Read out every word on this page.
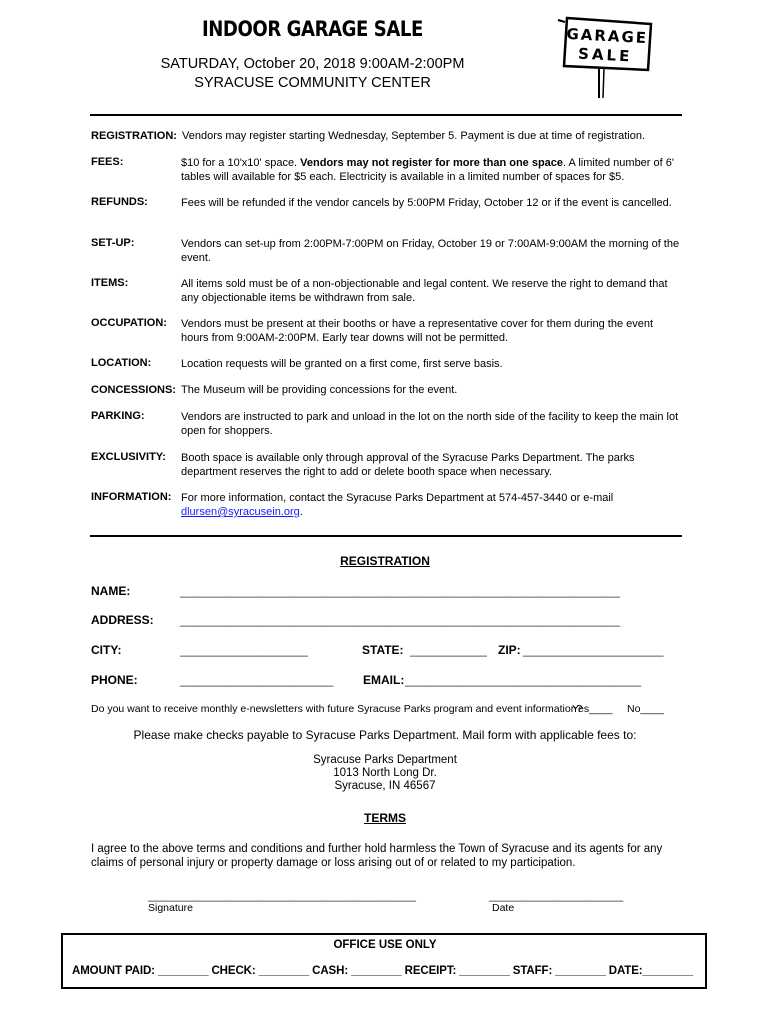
INDOOR GARAGE SALE
SATURDAY, October 20, 2018 9:00AM-2:00PM
SYRACUSE COMMUNITY CENTER
GARAGE
SALE
REGISTRATION: Vendors may register starting Wednesday, September 5. Payment is due at time of registration.
FEES:	$10 for a 10'x10' space. Vendors may not register for more than one space. A limited number of 6' tables will available for $5 each. Electricity is available in a limited number of spaces for $5.
REFUNDS:	Fees will be refunded if the vendor cancels by 5:00PM Friday, October 12 or if the event is cancelled.
SET-UP:	Vendors can set-up from 2:00PM-7:00PM on Friday, October 19 or 7:00AM-9:00AM the morning of the event.
ITEMS:	All items sold must be of a non-objectionable and legal content. We reserve the right to demand that any objectionable items be withdrawn from sale.
OCCUPATION: Vendors must be present at their booths or have a representative cover for them during the event hours from 9:00AM-2:00PM. Early tear downs will not be permitted.
LOCATION:	Location requests will be granted on a first come, first serve basis.
CONCESSIONS: The Museum will be providing concessions for the event.
PARKING:	Vendors are instructed to park and unload in the lot on the north side of the facility to keep the main lot open for shoppers.
EXCLUSIVITY: Booth space is available only through approval of the Syracuse Parks Department. The parks department reserves the right to add or delete booth space when necessary.
INFORMATION: For more information, contact the Syracuse Parks Department at 574-457-3440 or e-mail
dlursen@syracusein.org.
REGISTRATION
NAME:	_____________________________________________________________________
ADDRESS: _____________________________________________________________________
CITY:	____________________	STATE: ____________ ZIP: ______________________
PHONE:	________________________	EMAIL: _____________________________________
Do you want to receive monthly e-newsletters with future Syracuse Parks program and event information?
Yes____ No____
Please make checks payable to Syracuse Parks Department. Mail form with applicable fees to:
Syracuse Parks Department
1013 North Long Dr.
Syracuse, IN 46567
TERMS
I agree to the above terms and conditions and further hold harmless the Town of Syracuse and its agents for any claims of personal injury or property damage or loss arising out of or related to my participation.
__________________________________________
Signature
_____________________
Date
OFFICE USE ONLY
AMOUNT PAID: ________ CHECK: ________ CASH: ________ RECEIPT: ________ STAFF: ________ DATE:________
